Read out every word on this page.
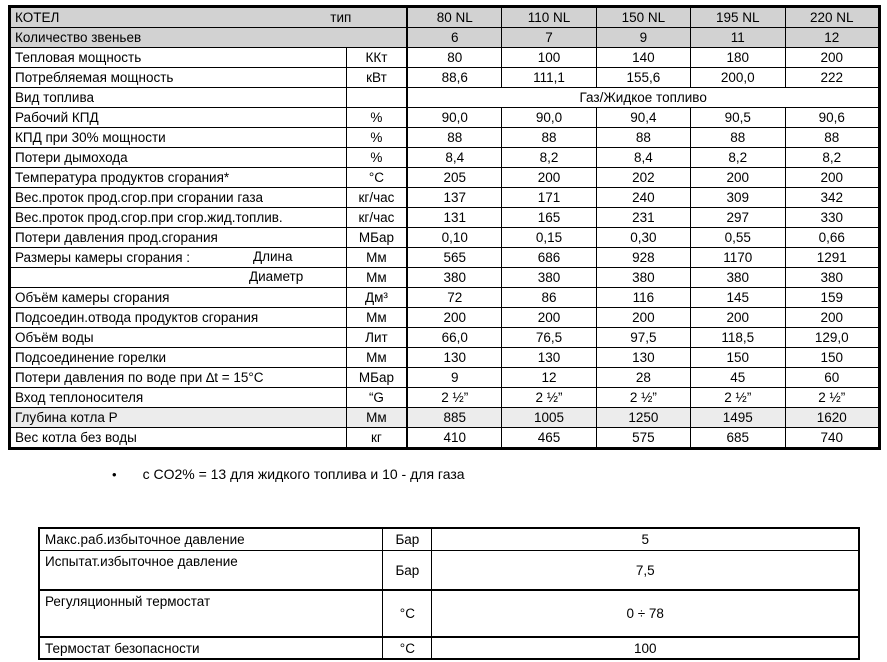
КОТЕЛ тип		80 NL	110 NL	150 NL	195 NL	220 NL
Количество звеньев		6	7	9	11	12
Тепловая мощность	ККт	80	100	140	180	200
Потребляемая мощность	кВт	88,6	111,1	155,6	200,0	222
Вид топлива		Газ/Жидкое топливо				
Рабочий КПД	%	90,0	90,0	90,4	90,5	90,6
КПД при 30% мощности	%	88	88	88	88	88
Потери дымохода	%	8,4	8,2	8,4	8,2	8,2
Температура продуктов сгорания*	°C	205	200	202	200	200
Вес.проток прод.сгор.при сгорании газа	кг/час	137	171	240	309	342
Вес.проток прод.сгор.при сгор.жид.топлив.	кг/час	131	165	231	297	330
Потери давления прод.сгорания	МБар	0,10	0,15	0,30	0,55	0,66
Размеры камеры сгорания : Длина	Мм	565	686	928	1170	1291

Диаметр	Мм	380	380	380	380	380
Объём камеры сгорания	Дм³	72	86	116	145	159
Подсоедин.отвода продуктов сгорания	Мм	200	200	200	200	200
Объём воды	Лит	66,0	76,5	97,5	118,5	129,0
Подсоединение горелки	Мм	130	130	130	150	150
Потери давления по воде при ∆t = 15°C	МБар	9	12	28	45	60
Вход теплоносителя	“G	2 ½”	2 ½”	2 ½”	2 ½”	2 ½”
Глубина котла Р	Мм	885	1005	1250	1495	1620
Вес котла без воды	кг	410	465	575	685	740
• с CO2% = 13 для жидкого топлива и 10 - для газа
Макс.раб.избыточное давление	Бар	5
Испытат.избыточное давление	Бар	7,5
Регуляционный термостат	°C	0 ÷ 78
Термостат безопасности	°C	100
